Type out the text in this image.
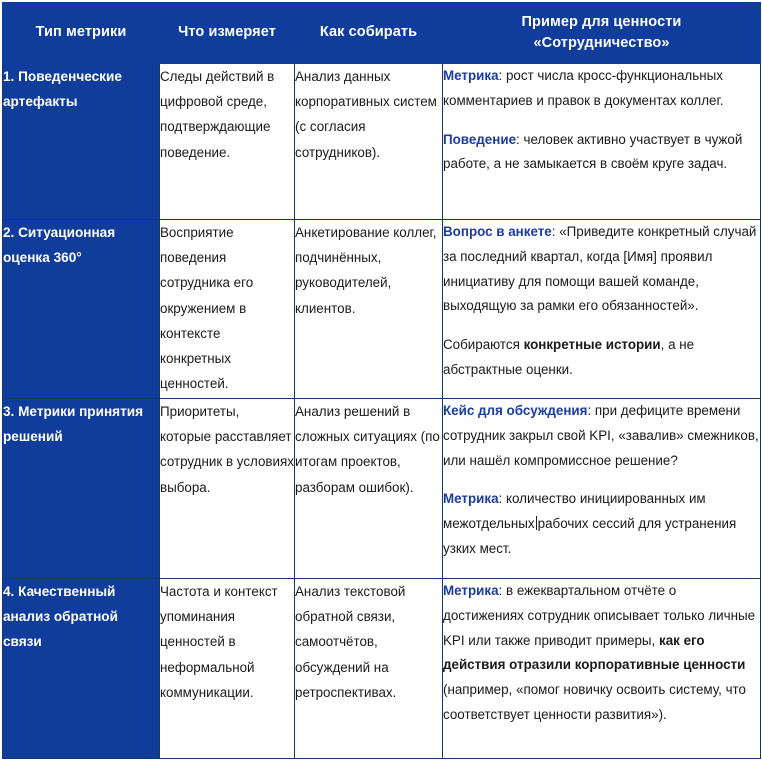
Тип метрики	Что измеряет	Как собирать	Пример для ценности
«Сотрудничество»

1. Поведенческие артефакты	Следы действий в цифровой среде, подтверждающие поведение.	Анализ данных корпоративных систем (с согласия сотрудников).	Метрика: рост числа кросс-функциональных комментариев и правок в документах коллег.

Поведение: человек активно участвует в чужой работе, а не замыкается в своём круге задач.

2. Ситуационная оценка 360°	Восприятие поведения сотрудника его окружением в контексте конкретных ценностей.	Анкетирование коллег, подчинённых, руководителей, клиентов.	Вопрос в анкете: «Приведите конкретный случай за последний квартал, когда [Имя] проявил инициативу для помощи вашей команде, выходящую за рамки его обязанностей».

Собираются конкретные истории, а не абстрактные оценки.

3. Метрики принятия решений	Приоритеты, которые расставляет сотрудник в условиях выбора.	Анализ решений в сложных ситуациях (по итогам проектов, разборам ошибок).	Кейс для обсуждения: при дефиците времени сотрудник закрыл свой KPI, «завалив» смежников, или нашёл компромиссное решение?

Метрика: количество инициированных им межотдельных рабочих сессий для устранения узких мест.

4. Качественный анализ обратной связи	Частота и контекст упоминания ценностей в неформальной коммуникации.	Анализ текстовой обратной связи, самоотчётов, обсуждений на ретроспективах.	Метрика: в ежеквартальном отчёте о достижениях сотрудник описывает только личные KPI или также приводит примеры, как его действия отразили корпоративные ценности (например, «помог новичку освоить систему, что соответствует ценности развития»).
